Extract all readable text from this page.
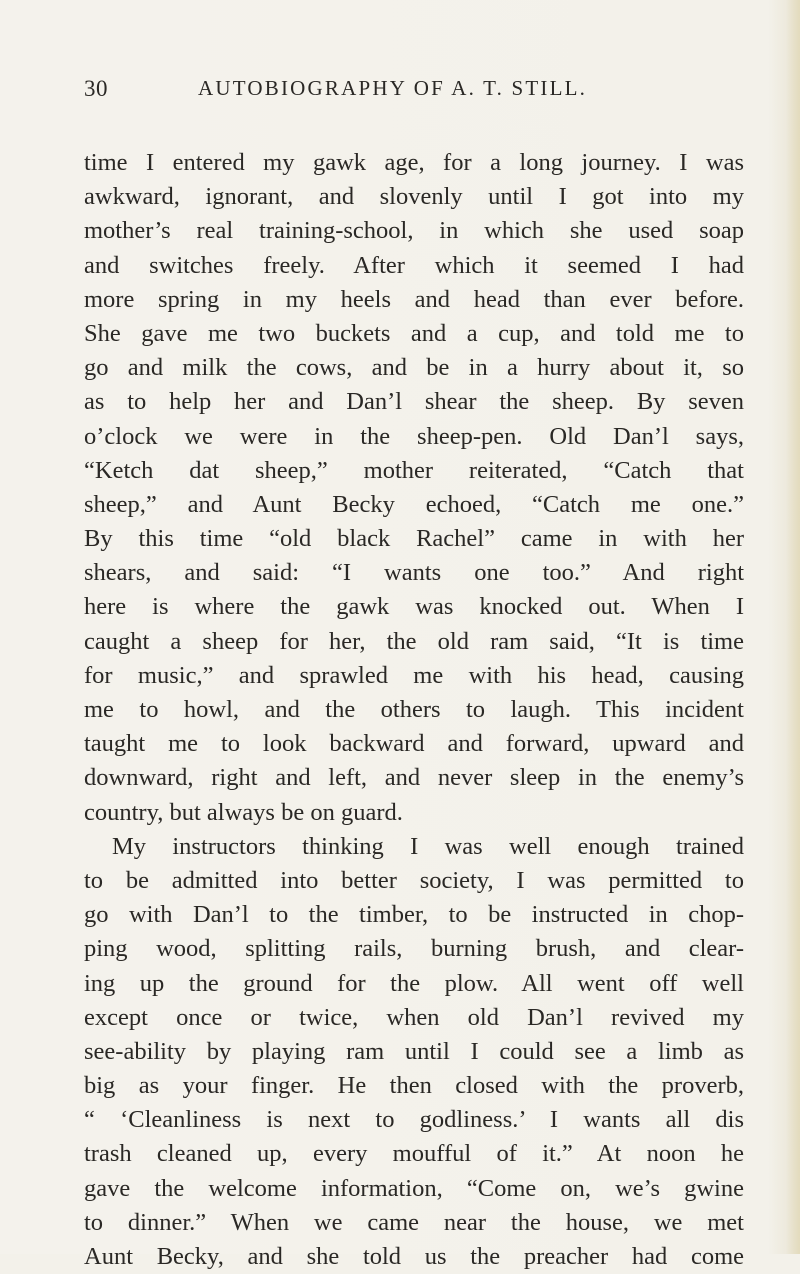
30	AUTOBIOGRAPHY OF A. T. STILL.
time I entered my gawk age, for a long journey. I was
awkward, ignorant, and slovenly until I got into my
mother’s real training-school, in which she used soap
and switches freely. After which it seemed I had
more spring in my heels and head than ever before.
She gave me two buckets and a cup, and told me to
go and milk the cows, and be in a hurry about it, so
as to help her and Dan’l shear the sheep. By seven
o’clock we were in the sheep-pen. Old Dan’l says,
“Ketch dat sheep,” mother reiterated, “Catch that
sheep,” and Aunt Becky echoed, “Catch me one.”
By this time “old black Rachel” came in with her
shears, and said: “I wants one too.” And right
here is where the gawk was knocked out. When I
caught a sheep for her, the old ram said, “It is time
for music,” and sprawled me with his head, causing
me to howl, and the others to laugh. This incident
taught me to look backward and forward, upward and
downward, right and left, and never sleep in the enemy’s
country, but always be on guard.
My instructors thinking I was well enough trained
to be admitted into better society, I was permitted to
go with Dan’l to the timber, to be instructed in chop-
ping wood, splitting rails, burning brush, and clear-
ing up the ground for the plow. All went off well
except once or twice, when old Dan’l revived my
see-ability by playing ram until I could see a limb as
big as your finger. He then closed with the proverb,
“ ‘Cleanliness is next to godliness.’ I wants all dis
trash cleaned up, every moufful of it.” At noon he
gave the welcome information, “Come on, we’s gwine
to dinner.” When we came near the house, we met
Aunt Becky, and she told us the preacher had come
